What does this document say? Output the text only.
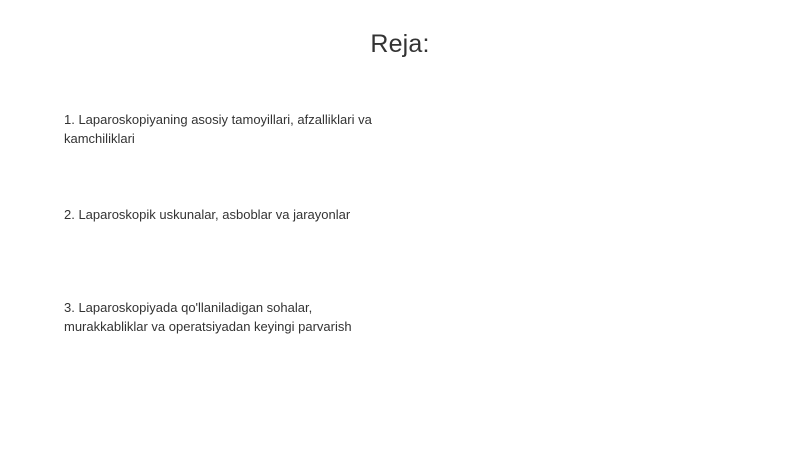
Reja:
1. Laparoskopiyaning asosiy tamoyillari, afzalliklari va kamchiliklari
2. Laparoskopik uskunalar, asboblar va jarayonlar
3. Laparoskopiyada qo'llaniladigan sohalar, murakkabliklar va operatsiyadan keyingi parvarish
